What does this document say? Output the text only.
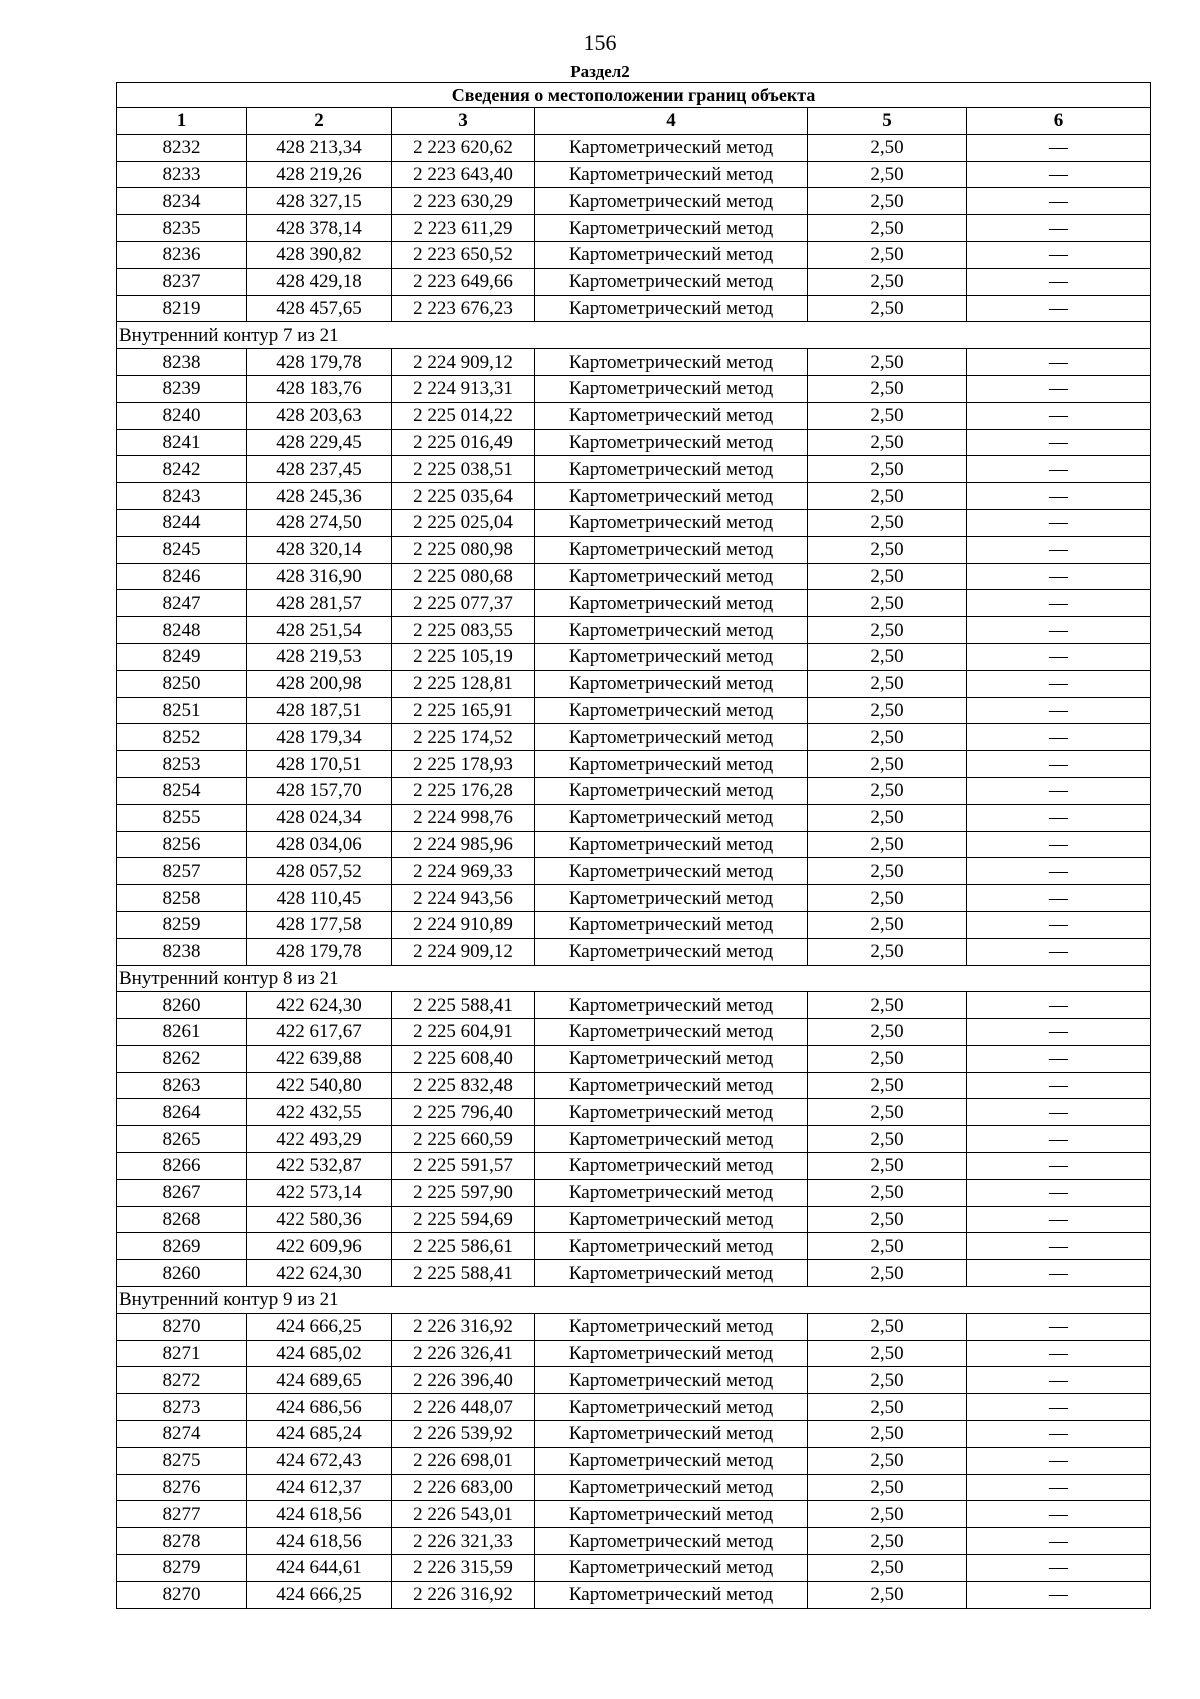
156
Раздел2
Сведения о местоположении границ объекта					
1	2	3	4	5	6
8232	428 213,34	2 223 620,62	Картометрический метод	2,50	—
8233	428 219,26	2 223 643,40	Картометрический метод	2,50	—
8234	428 327,15	2 223 630,29	Картометрический метод	2,50	—
8235	428 378,14	2 223 611,29	Картометрический метод	2,50	—
8236	428 390,82	2 223 650,52	Картометрический метод	2,50	—
8237	428 429,18	2 223 649,66	Картометрический метод	2,50	—
8219	428 457,65	2 223 676,23	Картометрический метод	2,50	—
Внутренний контур 7 из 21					
8238	428 179,78	2 224 909,12	Картометрический метод	2,50	—
8239	428 183,76	2 224 913,31	Картометрический метод	2,50	—
8240	428 203,63	2 225 014,22	Картометрический метод	2,50	—
8241	428 229,45	2 225 016,49	Картометрический метод	2,50	—
8242	428 237,45	2 225 038,51	Картометрический метод	2,50	—
8243	428 245,36	2 225 035,64	Картометрический метод	2,50	—
8244	428 274,50	2 225 025,04	Картометрический метод	2,50	—
8245	428 320,14	2 225 080,98	Картометрический метод	2,50	—
8246	428 316,90	2 225 080,68	Картометрический метод	2,50	—
8247	428 281,57	2 225 077,37	Картометрический метод	2,50	—
8248	428 251,54	2 225 083,55	Картометрический метод	2,50	—
8249	428 219,53	2 225 105,19	Картометрический метод	2,50	—
8250	428 200,98	2 225 128,81	Картометрический метод	2,50	—
8251	428 187,51	2 225 165,91	Картометрический метод	2,50	—
8252	428 179,34	2 225 174,52	Картометрический метод	2,50	—
8253	428 170,51	2 225 178,93	Картометрический метод	2,50	—
8254	428 157,70	2 225 176,28	Картометрический метод	2,50	—
8255	428 024,34	2 224 998,76	Картометрический метод	2,50	—
8256	428 034,06	2 224 985,96	Картометрический метод	2,50	—
8257	428 057,52	2 224 969,33	Картометрический метод	2,50	—
8258	428 110,45	2 224 943,56	Картометрический метод	2,50	—
8259	428 177,58	2 224 910,89	Картометрический метод	2,50	—
8238	428 179,78	2 224 909,12	Картометрический метод	2,50	—
Внутренний контур 8 из 21					
8260	422 624,30	2 225 588,41	Картометрический метод	2,50	—
8261	422 617,67	2 225 604,91	Картометрический метод	2,50	—
8262	422 639,88	2 225 608,40	Картометрический метод	2,50	—
8263	422 540,80	2 225 832,48	Картометрический метод	2,50	—
8264	422 432,55	2 225 796,40	Картометрический метод	2,50	—
8265	422 493,29	2 225 660,59	Картометрический метод	2,50	—
8266	422 532,87	2 225 591,57	Картометрический метод	2,50	—
8267	422 573,14	2 225 597,90	Картометрический метод	2,50	—
8268	422 580,36	2 225 594,69	Картометрический метод	2,50	—
8269	422 609,96	2 225 586,61	Картометрический метод	2,50	—
8260	422 624,30	2 225 588,41	Картометрический метод	2,50	—
Внутренний контур 9 из 21					
8270	424 666,25	2 226 316,92	Картометрический метод	2,50	—
8271	424 685,02	2 226 326,41	Картометрический метод	2,50	—
8272	424 689,65	2 226 396,40	Картометрический метод	2,50	—
8273	424 686,56	2 226 448,07	Картометрический метод	2,50	—
8274	424 685,24	2 226 539,92	Картометрический метод	2,50	—
8275	424 672,43	2 226 698,01	Картометрический метод	2,50	—
8276	424 612,37	2 226 683,00	Картометрический метод	2,50	—
8277	424 618,56	2 226 543,01	Картометрический метод	2,50	—
8278	424 618,56	2 226 321,33	Картометрический метод	2,50	—
8279	424 644,61	2 226 315,59	Картометрический метод	2,50	—
8270	424 666,25	2 226 316,92	Картометрический метод	2,50	—
